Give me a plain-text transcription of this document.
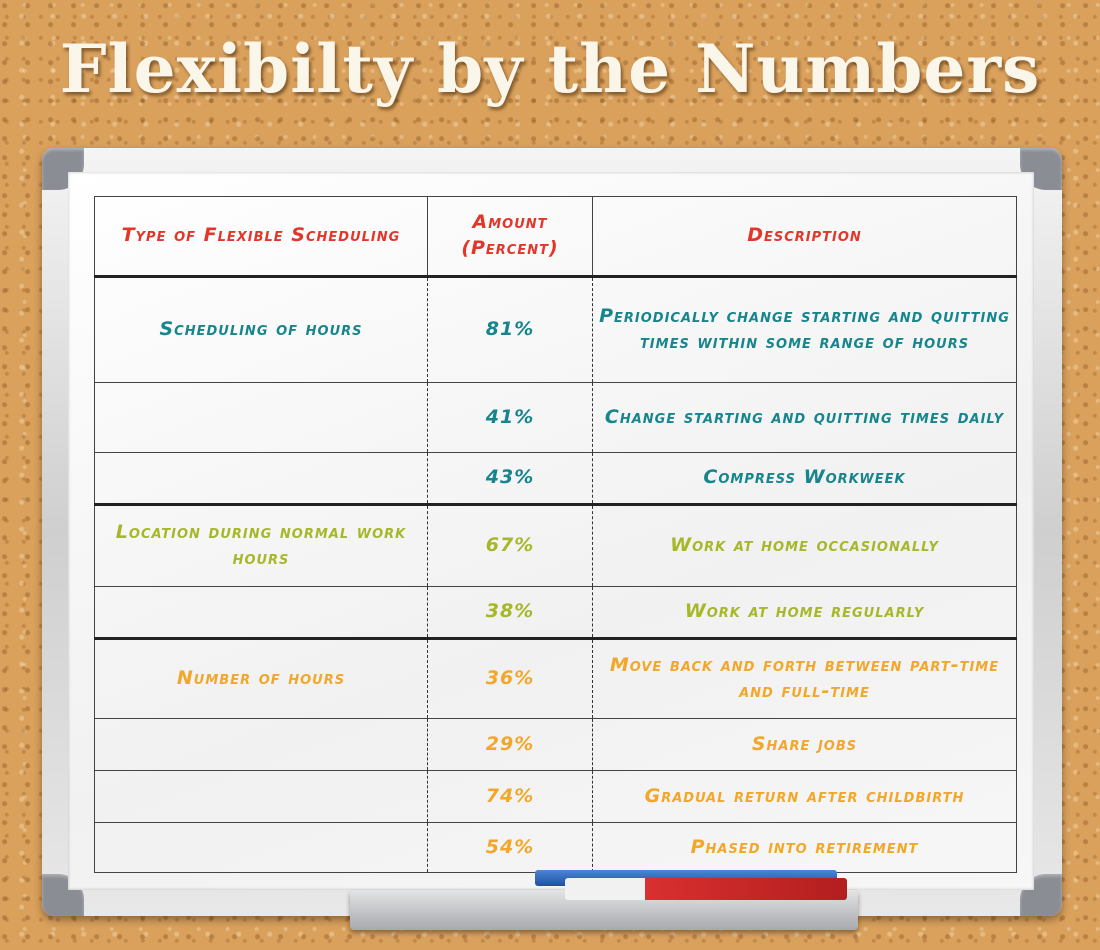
Flexibilty by the Numbers
Type of Flexible Scheduling	Amount (Percent)	Description
Scheduling of hours	81%	Periodically change starting and quitting times within some range of hours
	41%	Change starting and quitting times daily
	43%	Compress Workweek
Location during normal work hours	67%	Work at home occasionally
	38%	Work at home regularly
Number of hours	36%	Move back and forth between part-time and full-time
	29%	Share jobs
	74%	Gradual return after childbirth
	54%	Phased into retirement
